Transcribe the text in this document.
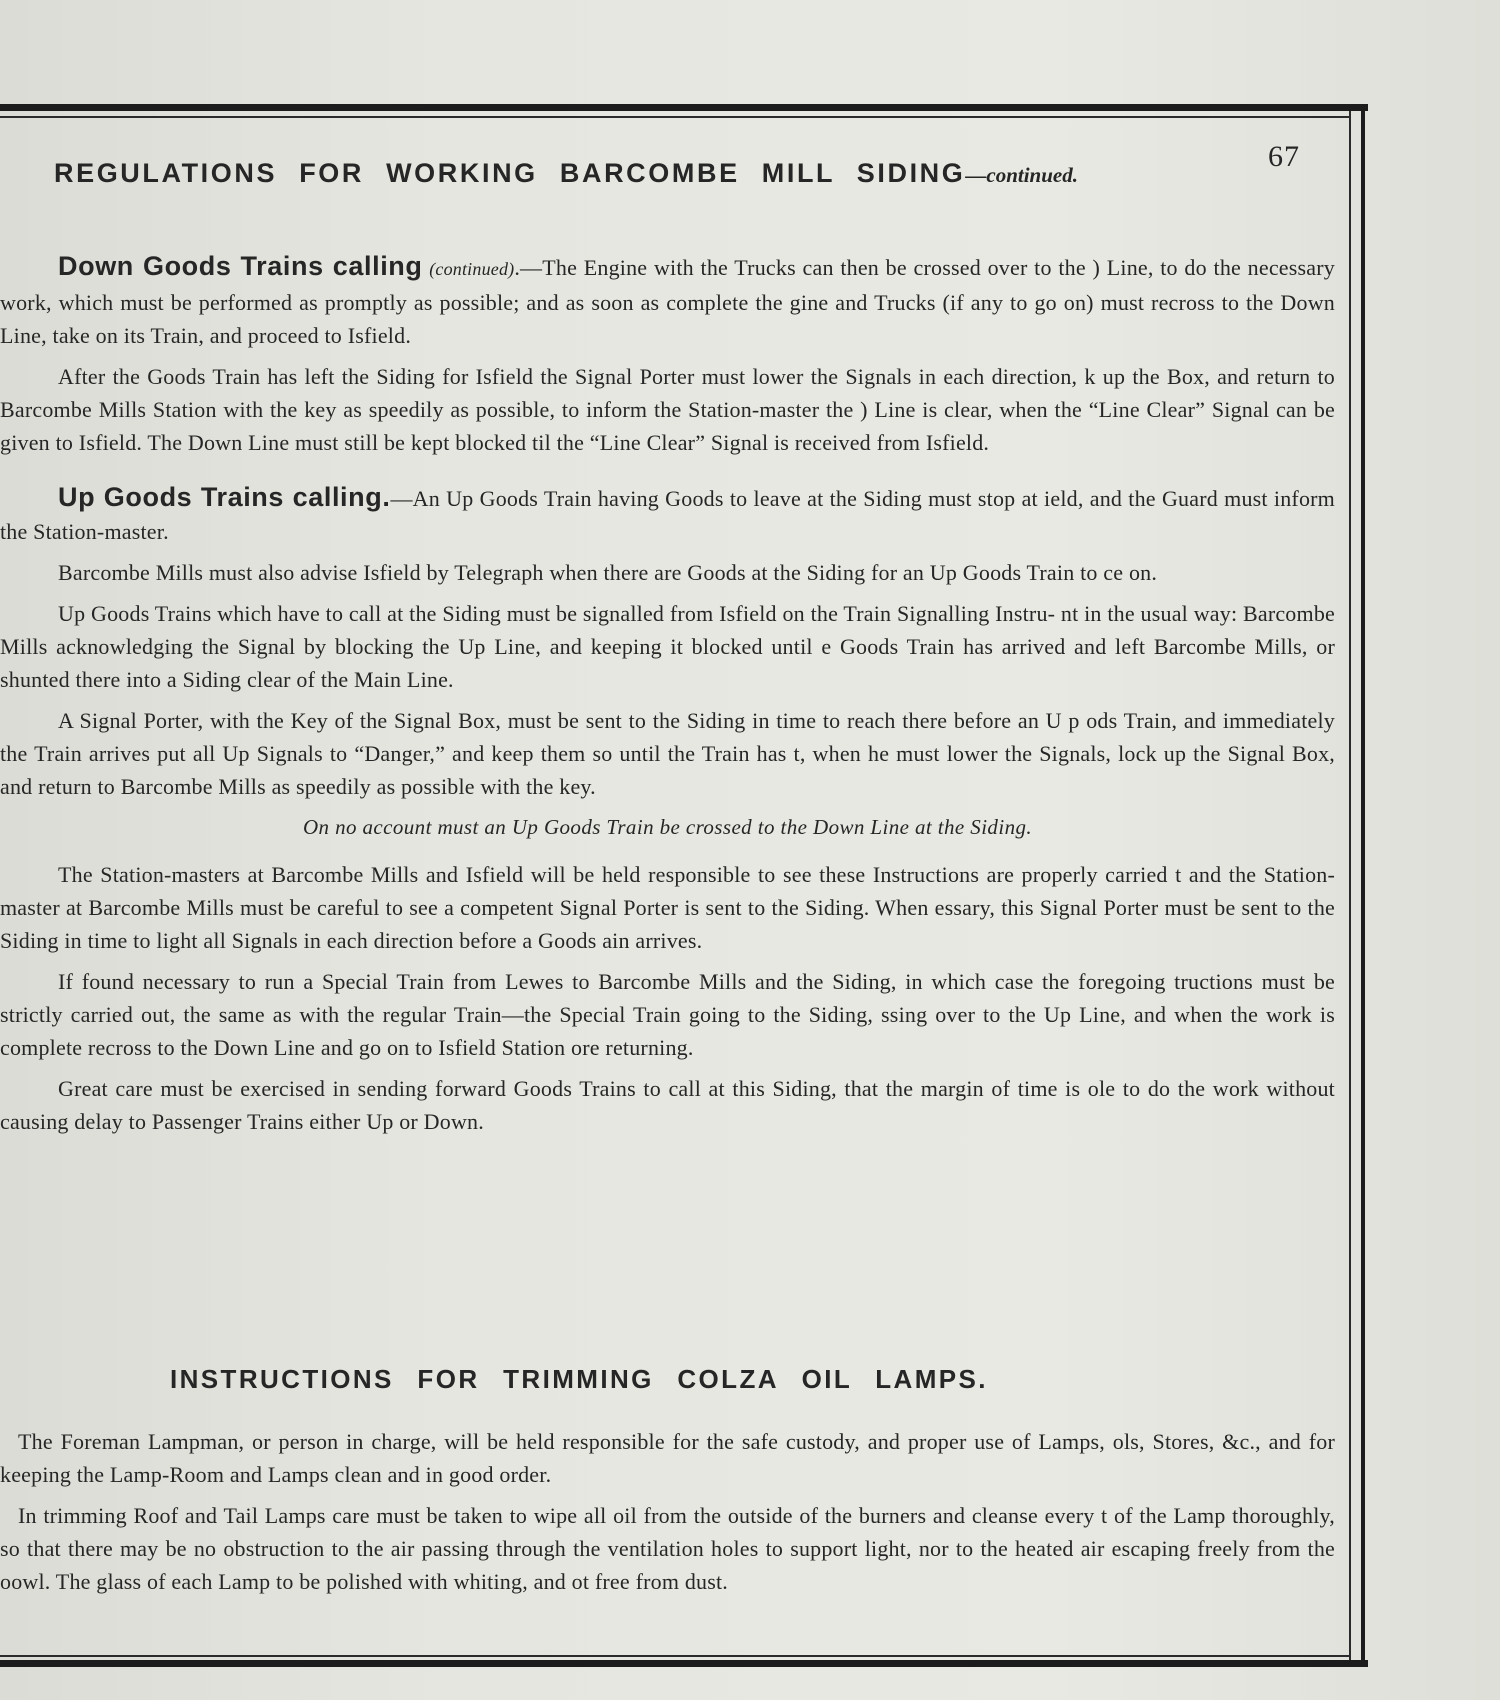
67
REGULATIONS FOR WORKING BARCOMBE MILL SIDING—continued.

Down Goods Trains calling (continued).—The Engine with the Trucks can then be crossed over to the ) Line, to do the necessary work, which must be performed as promptly as possible; and as soon as complete the gine and Trucks (if any to go on) must recross to the Down Line, take on its Train, and proceed to Isfield.

After the Goods Train has left the Siding for Isfield the Signal Porter must lower the Signals in each direction, k up the Box, and return to Barcombe Mills Station with the key as speedily as possible, to inform the Station-master the ) Line is clear, when the “Line Clear” Signal can be given to Isfield. The Down Line must still be kept blocked til the “Line Clear” Signal is received from Isfield.

Up Goods Trains calling.—An Up Goods Train having Goods to leave at the Siding must stop at ield, and the Guard must inform the Station-master.

Barcombe Mills must also advise Isfield by Telegraph when there are Goods at the Siding for an Up Goods Train to ce on.

Up Goods Trains which have to call at the Siding must be signalled from Isfield on the Train Signalling Instru- nt in the usual way: Barcombe Mills acknowledging the Signal by blocking the Up Line, and keeping it blocked until e Goods Train has arrived and left Barcombe Mills, or shunted there into a Siding clear of the Main Line.

A Signal Porter, with the Key of the Signal Box, must be sent to the Siding in time to reach there before an U p ods Train, and immediately the Train arrives put all Up Signals to “Danger,” and keep them so until the Train has t, when he must lower the Signals, lock up the Signal Box, and return to Barcombe Mills as speedily as possible with the key.

On no account must an Up Goods Train be crossed to the Down Line at the Siding.

The Station-masters at Barcombe Mills and Isfield will be held responsible to see these Instructions are properly carried t and the Station-master at Barcombe Mills must be careful to see a competent Signal Porter is sent to the Siding. When essary, this Signal Porter must be sent to the Siding in time to light all Signals in each direction before a Goods ain arrives.

If found necessary to run a Special Train from Lewes to Barcombe Mills and the Siding, in which case the foregoing tructions must be strictly carried out, the same as with the regular Train—the Special Train going to the Siding, ssing over to the Up Line, and when the work is complete recross to the Down Line and go on to Isfield Station ore returning.

Great care must be exercised in sending forward Goods Trains to call at this Siding, that the margin of time is ole to do the work without causing delay to Passenger Trains either Up or Down.

INSTRUCTIONS FOR TRIMMING COLZA OIL LAMPS.

The Foreman Lampman, or person in charge, will be held responsible for the safe custody, and proper use of Lamps, ols, Stores, &c., and for keeping the Lamp-Room and Lamps clean and in good order.

In trimming Roof and Tail Lamps care must be taken to wipe all oil from the outside of the burners and cleanse every t of the Lamp thoroughly, so that there may be no obstruction to the air passing through the ventilation holes to support light, nor to the heated air escaping freely from the oowl. The glass of each Lamp to be polished with whiting, and ot free from dust.
